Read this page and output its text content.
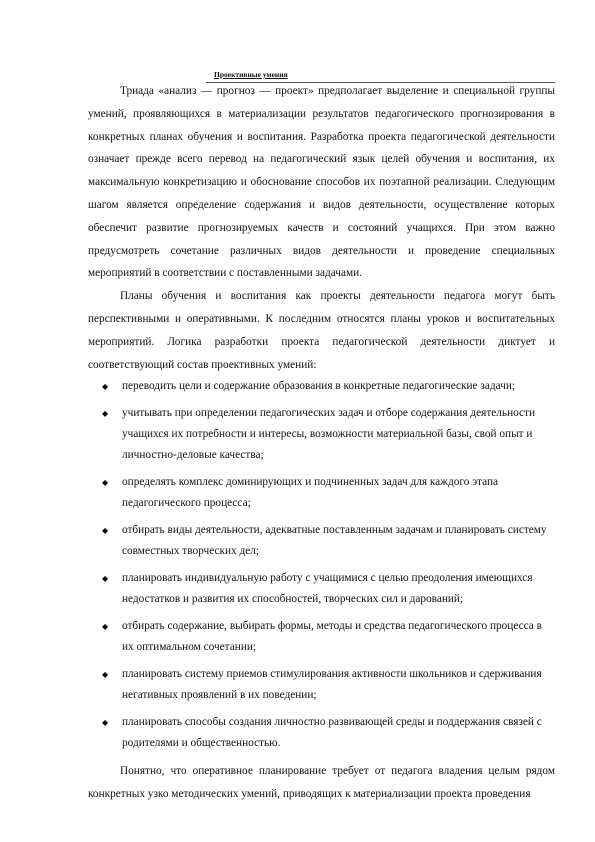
Проективные умения

Триада «анализ — прогноз — проект» предполагает выделение и специальной группы умений, проявляющихся в материализации результатов педагогического прогнозирования в конкретных планах обучения и воспитания. Разработка проекта педагогической деятельности означает прежде всего перевод на педагогический язык целей обучения и воспитания, их максимальную конкретизацию и обоснование способов их поэтапной реализации. Следующим шагом является определение содержания и видов деятельности, осуществление которых обеспечит развитие прогнозируемых качеств и состояний учащихся. При этом важно предусмотреть сочетание различных видов деятельности и проведение специальных мероприятий в соответствии с поставленными задачами.

Планы обучения и воспитания как проекты деятельности педагога могут быть перспективными и оперативными. К последним относятся планы уроков и воспитательных мероприятий. Логика разработки проекта педагогической деятельности диктует и соответствующий состав проективных умений:

◆ переводить цели и содержание образования в конкретные педагогические задачи;
◆ учитывать при определении педагогических задач и отборе содержания деятельности учащихся их потребности и интересы, возможности материальной базы, свой опыт и личностно-деловые качества;
◆ определять комплекс доминирующих и подчиненных задач для каждого этапа педагогического процесса;
◆ отбирать виды деятельности, адекватные поставленным задачам и планировать систему совместных творческих дел;
◆ планировать индивидуальную работу с учащимися с целью преодоления имеющихся недостатков и развития их способностей, творческих сил и дарований;
◆ отбирать содержание, выбирать формы, методы и средства педагогического процесса в их оптимальном сочетании;
◆ планировать систему приемов стимулирования активности школьников и сдерживания негативных проявлений в их поведении;
◆ планировать способы создания личностно развивающей среды и поддержания связей с родителями и общественностью.

Понятно, что оперативное планирование требует от педагога владения целым рядом конкретных узко методических умений, приводящих к материализации проекта проведения
